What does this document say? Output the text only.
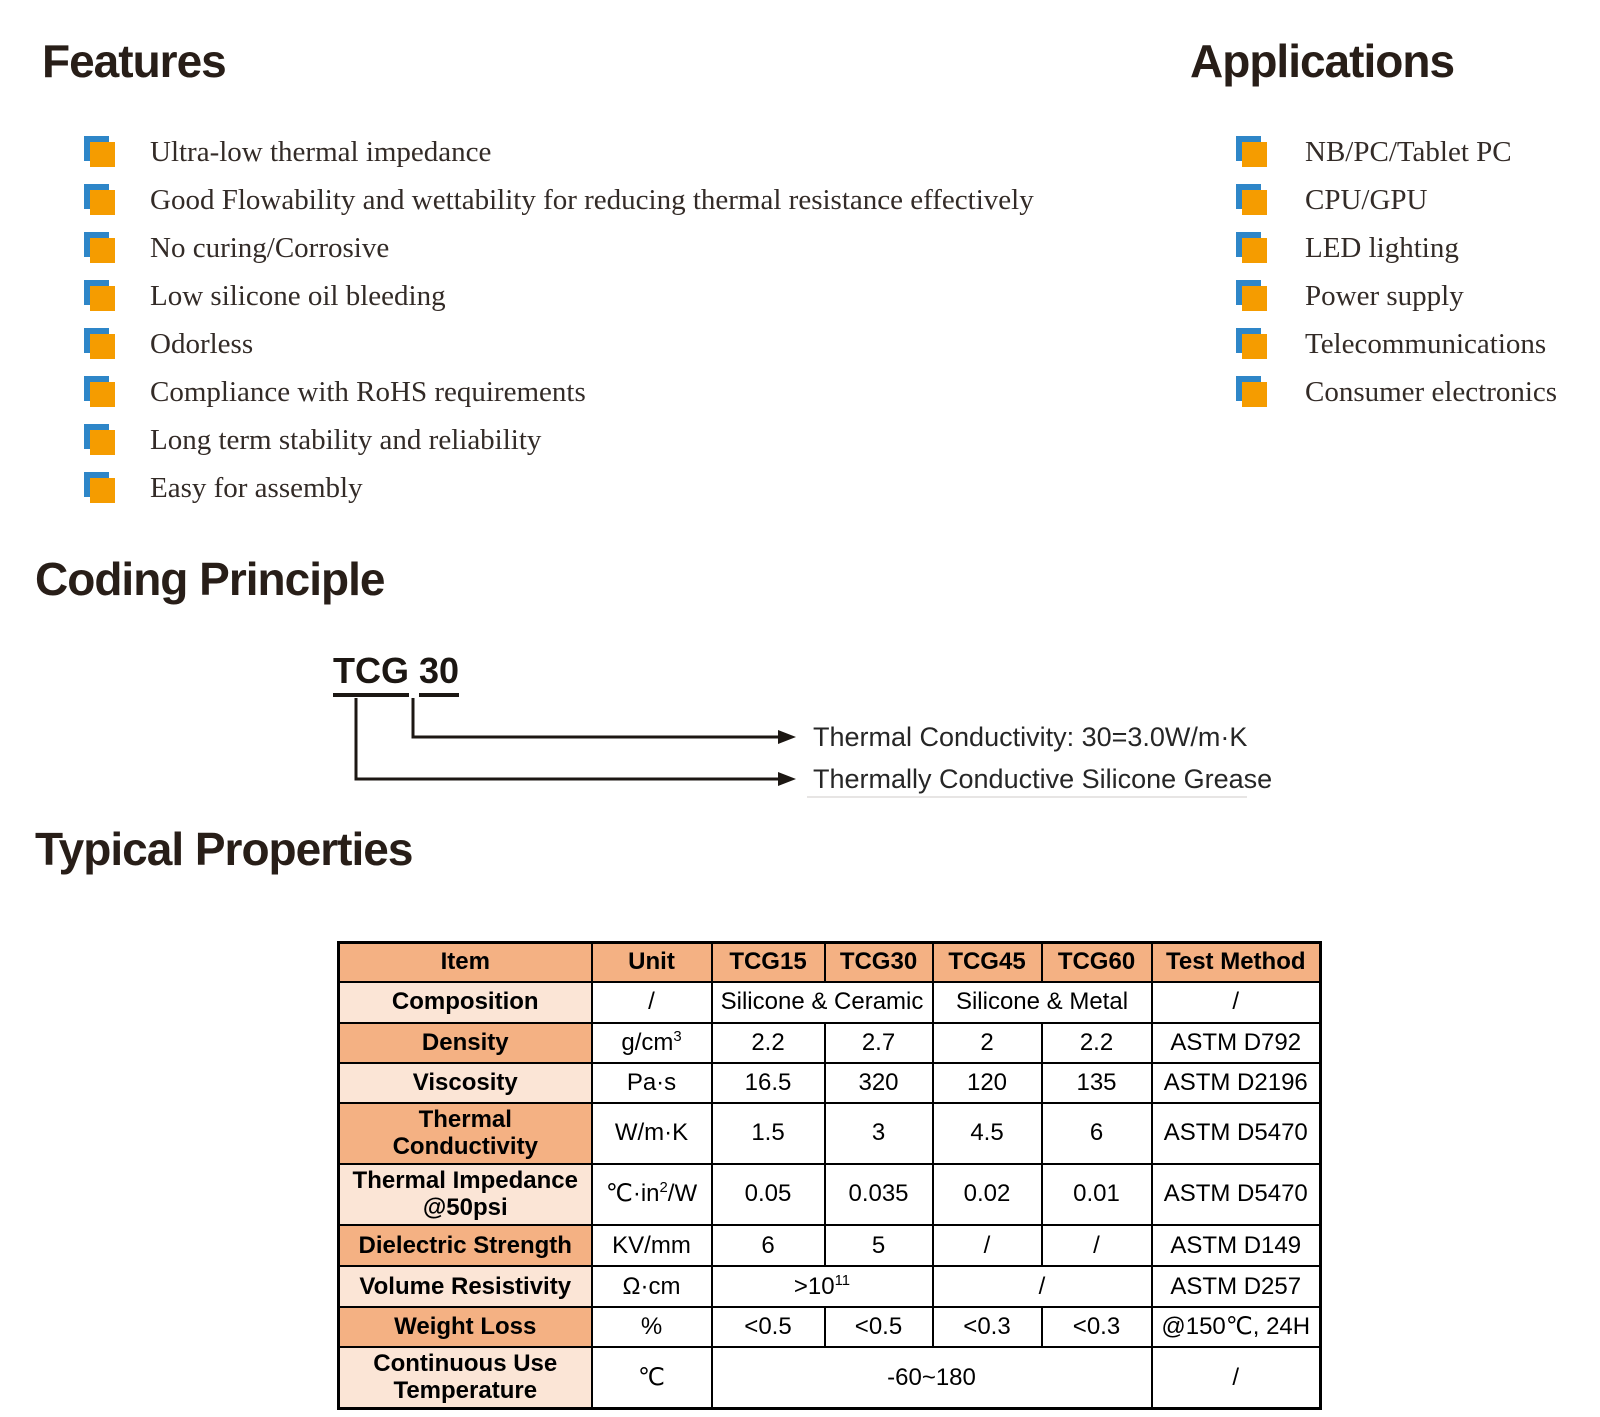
Features	Applications
Ultra-low thermal impedance
Good Flowability and wettability for reducing thermal resistance effectively
No curing/Corrosive
Low silicone oil bleeding
Odorless
Compliance with RoHS requirements
Long term stability and reliability
Easy for assembly
NB/PC/Tablet PC
CPU/GPU
LED lighting
Power supply
Telecommunications
Consumer electronics
Coding Principle
TCG 30
Thermal Conductivity: 30=3.0W/m·K
Thermally Conductive Silicone Grease
Typical Properties
Item	Unit	TCG15	TCG30	TCG45	TCG60	Test Method
Composition	/	Silicone & Ceramic		Silicone & Metal		/
Density	$g/cm^3$	2.2	2.7	2	2.2	ASTM D792
Viscosity	Pa·s	16.5	320	120	135	ASTM D2196
Thermal Conductivity	W/m·K	1.5	3	4.5	6	ASTM D5470
Thermal Impedance
@50psi	$℃\cdot in^2/W$	0.05	0.035	0.02	0.01	ASTM D5470
Dielectric Strength	KV/mm	6	5	/	/	ASTM D149
Volume Resistivity	Ω·cm	$>10^{11}$		/		ASTM D257
Weight Loss	%	<0.5	<0.5	<0.3	<0.3	@150℃, 24H
Continuous Use
Temperature	℃	-60~180				/
